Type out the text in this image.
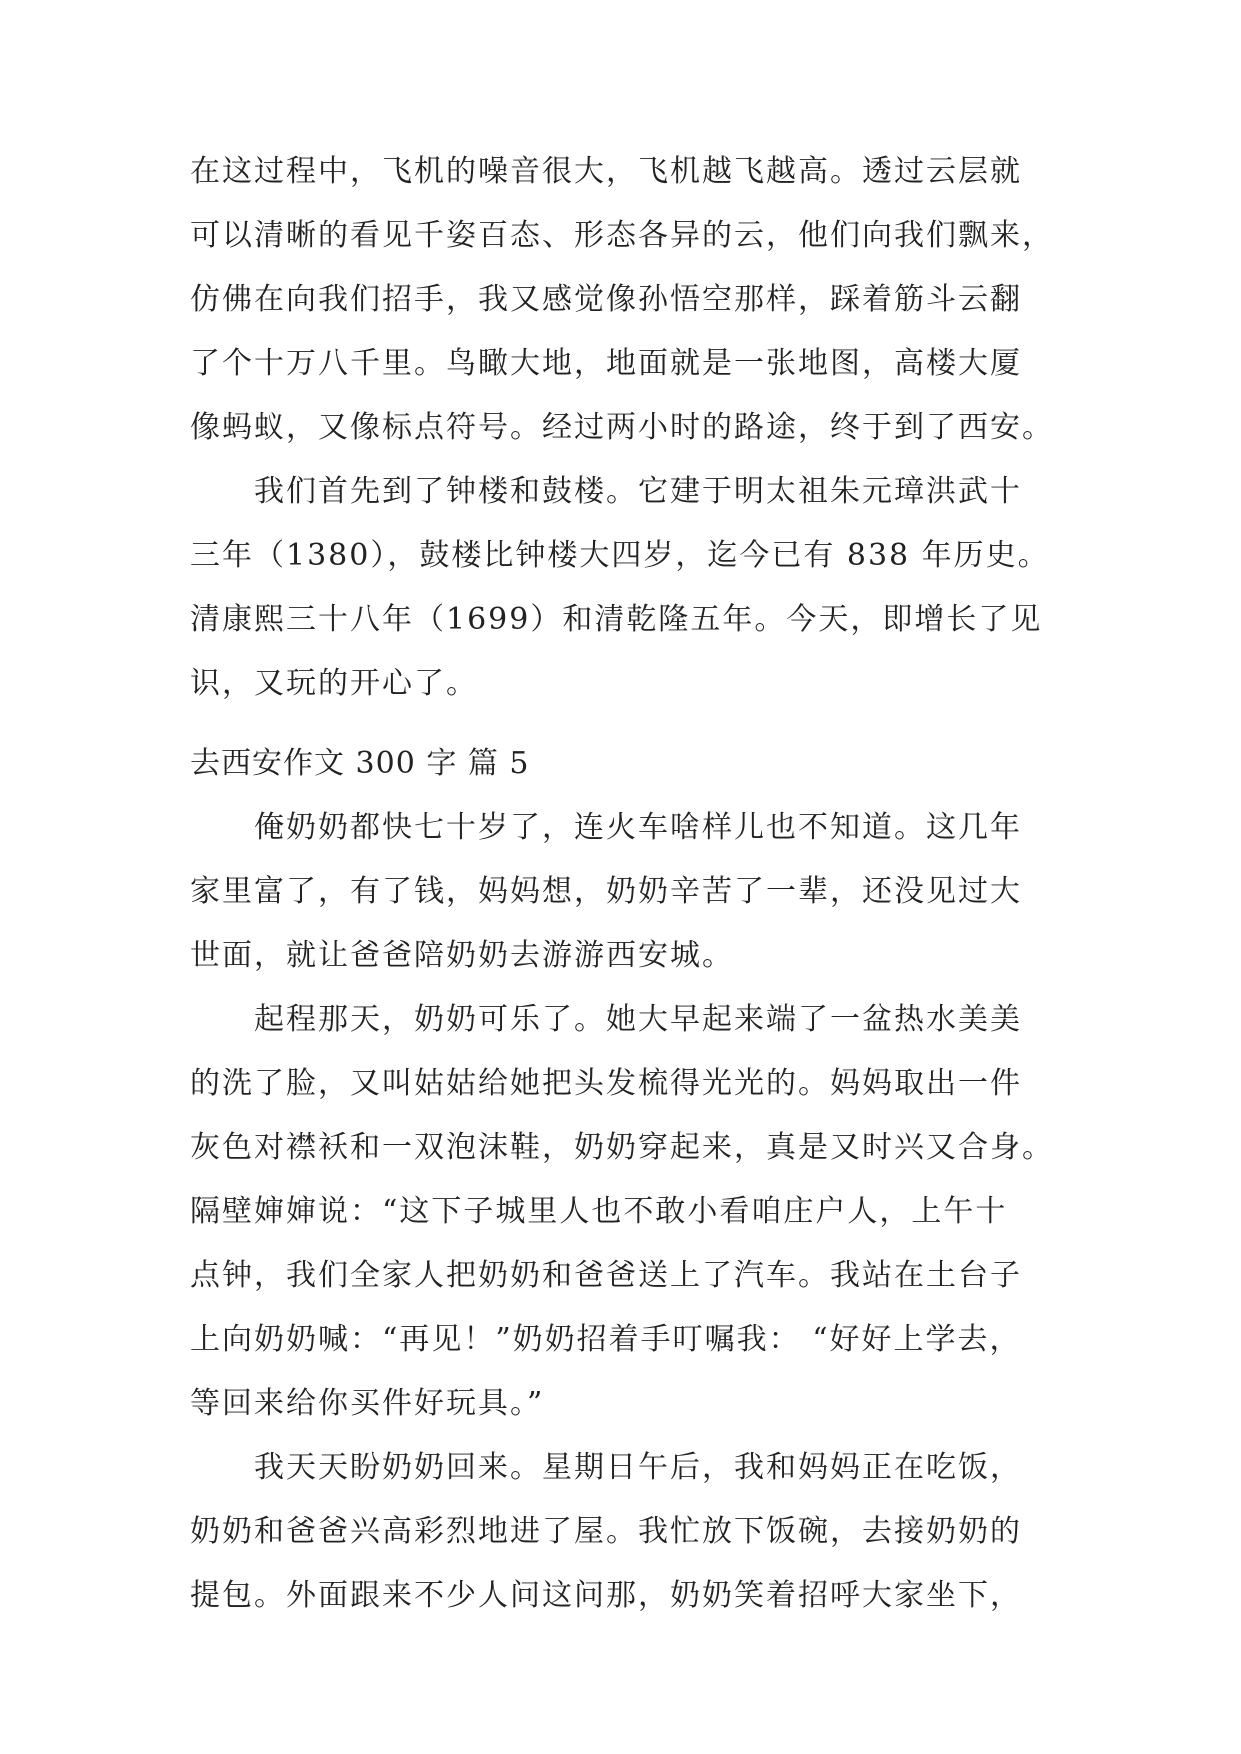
在这过程中，飞机的噪音很大，飞机越飞越高。透过云层就
可以清晰的看见千姿百态、形态各异的云，他们向我们飘来，
仿佛在向我们招手，我又感觉像孙悟空那样，踩着筋斗云翻
了个十万八千里。鸟瞰大地，地面就是一张地图，高楼大厦
像蚂蚁，又像标点符号。经过两小时的路途，终于到了西安。
我们首先到了钟楼和鼓楼。它建于明太祖朱元璋洪武十
三年（1380），鼓楼比钟楼大四岁，迄今已有 838 年历史。
清康熙三十八年（1699）和清乾隆五年。今天，即增长了见
识，又玩的开心了。
去西安作文 300 字 篇 5
俺奶奶都快七十岁了，连火车啥样儿也不知道。这几年
家里富了，有了钱，妈妈想，奶奶辛苦了一辈，还没见过大
世面，就让爸爸陪奶奶去游游西安城。
起程那天，奶奶可乐了。她大早起来端了一盆热水美美
的洗了脸，又叫姑姑给她把头发梳得光光的。妈妈取出一件
灰色对襟袄和一双泡沫鞋，奶奶穿起来，真是又时兴又合身。
隔壁婶婶说：“这下子城里人也不敢小看咱庄户人，上午十
点钟，我们全家人把奶奶和爸爸送上了汽车。我站在土台子
上向奶奶喊：“再见！”奶奶招着手叮嘱我： “好好上学去，
等回来给你买件好玩具。”
我天天盼奶奶回来。星期日午后，我和妈妈正在吃饭，
奶奶和爸爸兴高彩烈地进了屋。我忙放下饭碗，去接奶奶的
提包。外面跟来不少人问这问那，奶奶笑着招呼大家坐下，
